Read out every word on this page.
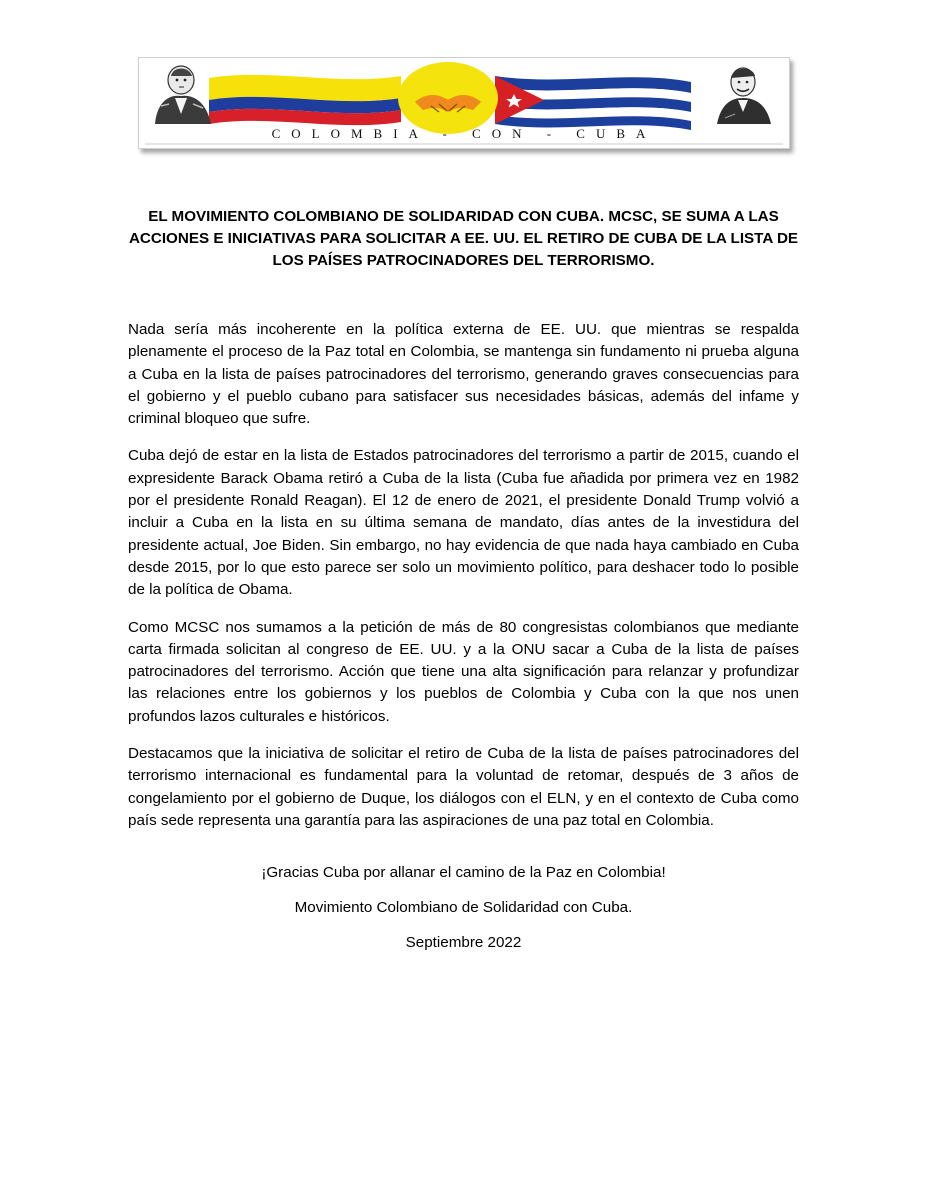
COLOMBIA - CON - CUBA
EL MOVIMIENTO COLOMBIANO DE SOLIDARIDAD CON CUBA. MCSC, SE SUMA A LAS ACCIONES E INICIATIVAS PARA SOLICITAR A EE. UU. EL RETIRO DE CUBA DE LA LISTA DE LOS PAÍSES PATROCINADORES DEL TERRORISMO.

Nada sería más incoherente en la política externa de EE. UU. que mientras se respalda plenamente el proceso de la Paz total en Colombia, se mantenga sin fundamento ni prueba alguna a Cuba en la lista de países patrocinadores del terrorismo, generando graves consecuencias para el gobierno y el pueblo cubano para satisfacer sus necesidades básicas, además del infame y criminal bloqueo que sufre.

Cuba dejó de estar en la lista de Estados patrocinadores del terrorismo a partir de 2015, cuando el expresidente Barack Obama retiró a Cuba de la lista (Cuba fue añadida por primera vez en 1982 por el presidente Ronald Reagan). El 12 de enero de 2021, el presidente Donald Trump volvió a incluir a Cuba en la lista en su última semana de mandato, días antes de la investidura del presidente actual, Joe Biden. Sin embargo, no hay evidencia de que nada haya cambiado en Cuba desde 2015, por lo que esto parece ser solo un movimiento político, para deshacer todo lo posible de la política de Obama.

Como MCSC nos sumamos a la petición de más de 80 congresistas colombianos que mediante carta firmada solicitan al congreso de EE. UU. y a la ONU sacar a Cuba de la lista de países patrocinadores del terrorismo. Acción que tiene una alta significación para relanzar y profundizar las relaciones entre los gobiernos y los pueblos de Colombia y Cuba con la que nos unen profundos lazos culturales e históricos.

Destacamos que la iniciativa de solicitar el retiro de Cuba de la lista de países patrocinadores del terrorismo internacional es fundamental para la voluntad de retomar, después de 3 años de congelamiento por el gobierno de Duque, los diálogos con el ELN, y en el contexto de Cuba como país sede representa una garantía para las aspiraciones de una paz total en Colombia.

¡Gracias Cuba por allanar el camino de la Paz en Colombia!

Movimiento Colombiano de Solidaridad con Cuba.

Septiembre 2022
